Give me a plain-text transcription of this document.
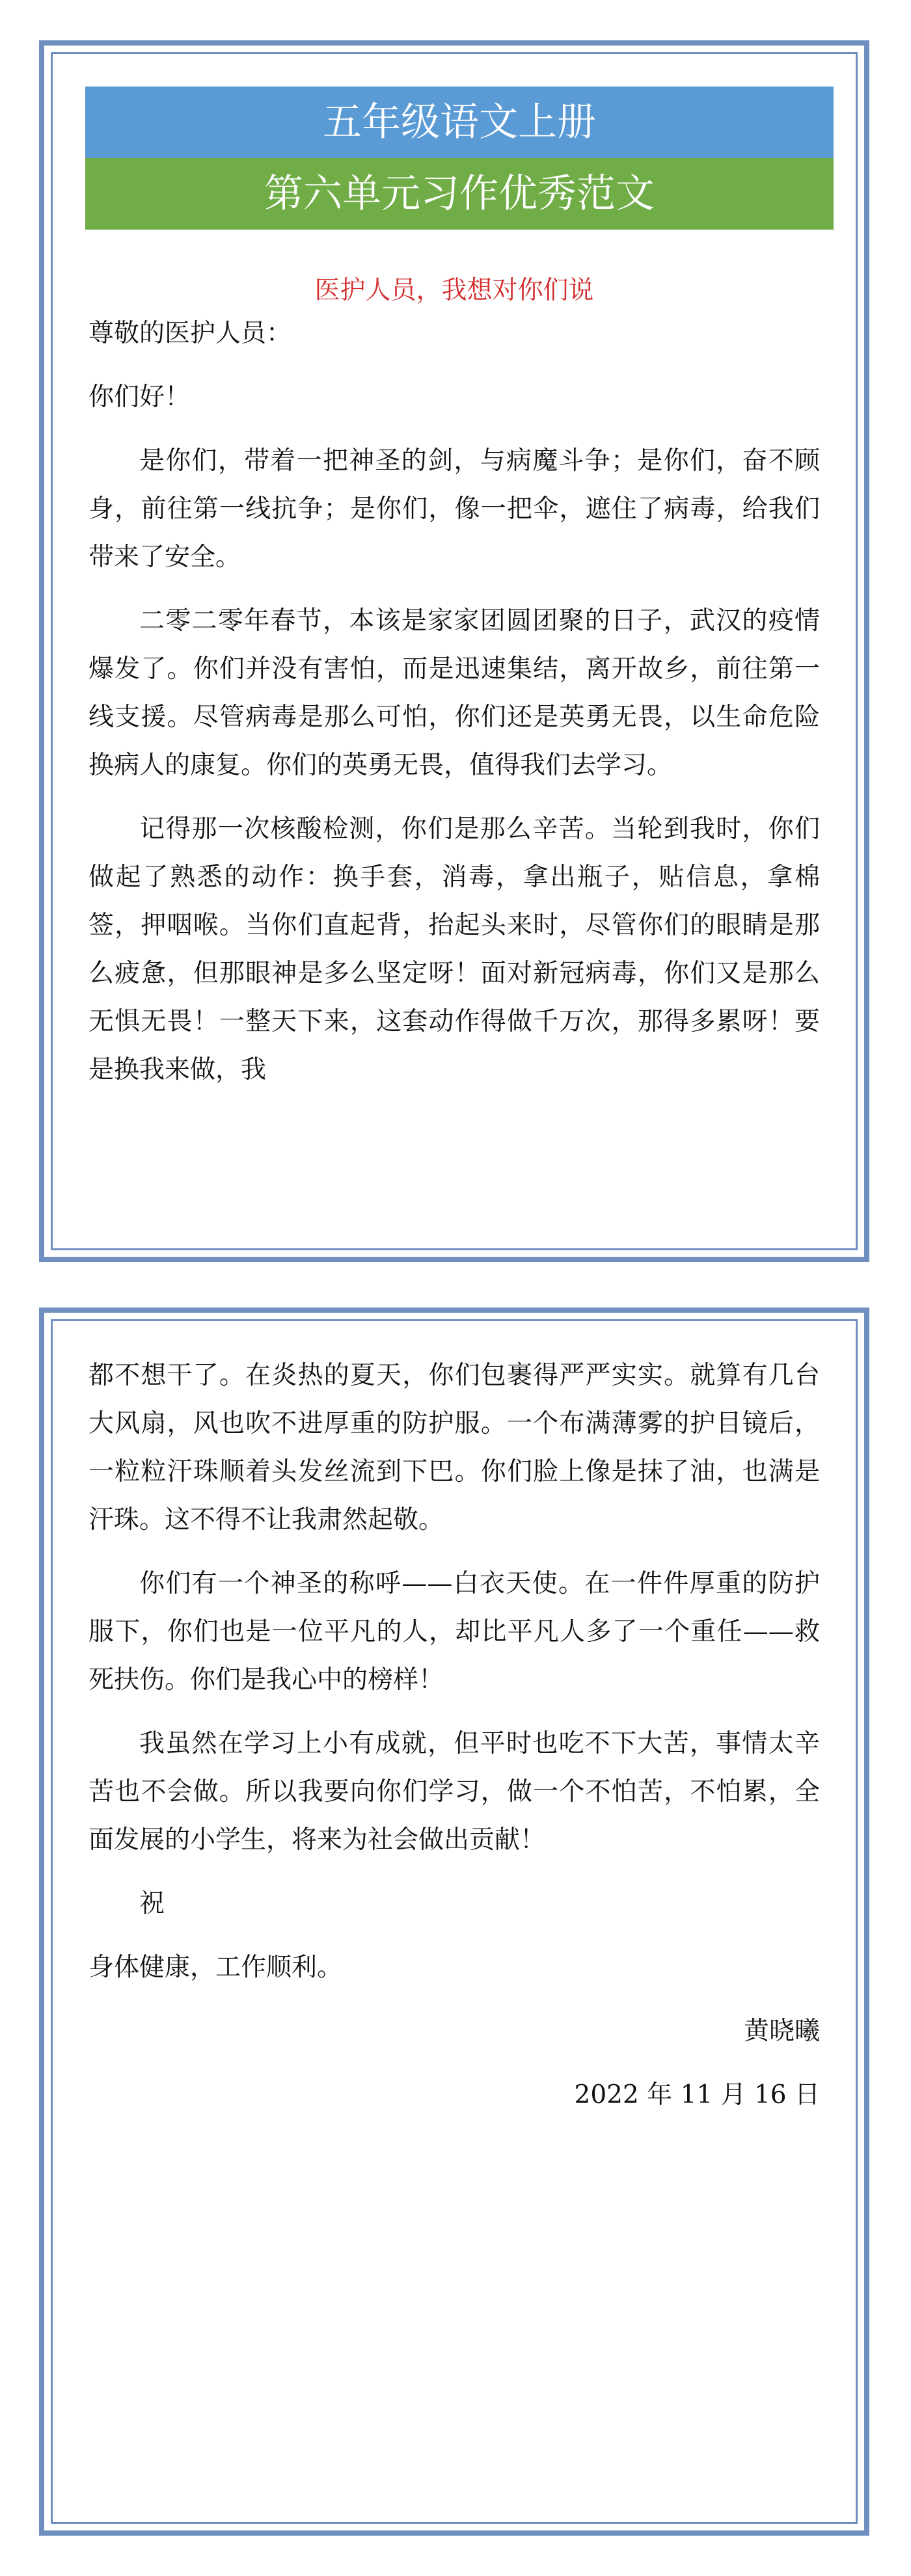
五年级语文上册
第六单元习作优秀范文

医护人员，我想对你们说

尊敬的医护人员：

你们好！

是你们，带着一把神圣的剑，与病魔斗争；是你们，奋不顾身，前往第一线抗争；是你们，像一把伞，遮住了病毒，给我们带来了安全。

二零二零年春节，本该是家家团圆团聚的日子，武汉的疫情爆发了。你们并没有害怕，而是迅速集结，离开故乡，前往第一线支援。尽管病毒是那么可怕，你们还是英勇无畏，以生命危险换病人的康复。你们的英勇无畏，值得我们去学习。

记得那一次核酸检测，你们是那么辛苦。当轮到我时，你们做起了熟悉的动作：换手套，消毒，拿出瓶子，贴信息，拿棉签，押咽喉。当你们直起背，抬起头来时，尽管你们的眼睛是那么疲惫，但那眼神是多么坚定呀！面对新冠病毒，你们又是那么无惧无畏！一整天下来，这套动作得做千万次，那得多累呀！要是换我来做，我

都不想干了。在炎热的夏天，你们包裹得严严实实。就算有几台大风扇，风也吹不进厚重的防护服。一个布满薄雾的护目镜后，一粒粒汗珠顺着头发丝流到下巴。你们脸上像是抹了油，也满是汗珠。这不得不让我肃然起敬。

你们有一个神圣的称呼——白衣天使。在一件件厚重的防护服下，你们也是一位平凡的人，却比平凡人多了一个重任——救死扶伤。你们是我心中的榜样！

我虽然在学习上小有成就，但平时也吃不下大苦，事情太辛苦也不会做。所以我要向你们学习，做一个不怕苦，不怕累，全面发展的小学生，将来为社会做出贡献！

祝

身体健康，工作顺利。

黄晓曦

2022 年 11 月 16 日
